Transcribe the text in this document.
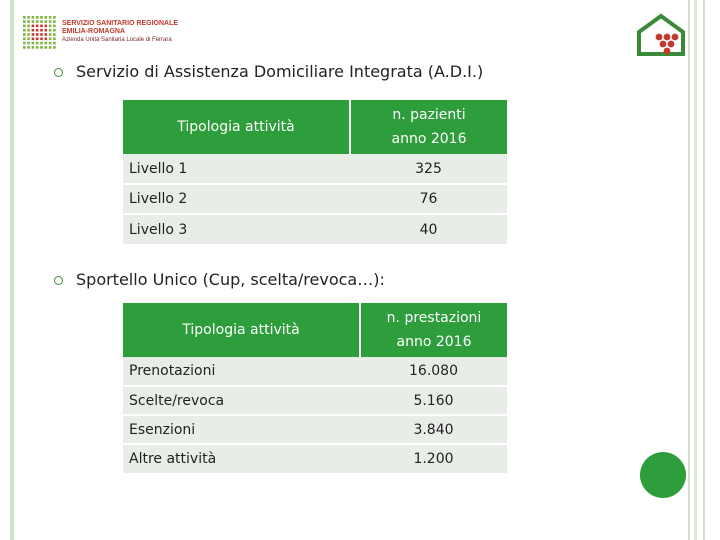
SERVIZIO SANITARIO REGIONALE
EMILIA-ROMAGNA
Azienda Unità Sanitaria Locale di Ferrara
Servizio di Assistenza Domiciliare Integrata (A.D.I.)
Tipologia attività	n. pazienti
anno 2016

Livello 1	325
Livello 2	76
Livello 3	40
Sportello Unico (Cup, scelta/revoca…):
Tipologia attività	n. prestazioni
anno 2016

Prenotazioni	16.080
Scelte/revoca	5.160
Esenzioni	3.840
Altre attività	1.200
